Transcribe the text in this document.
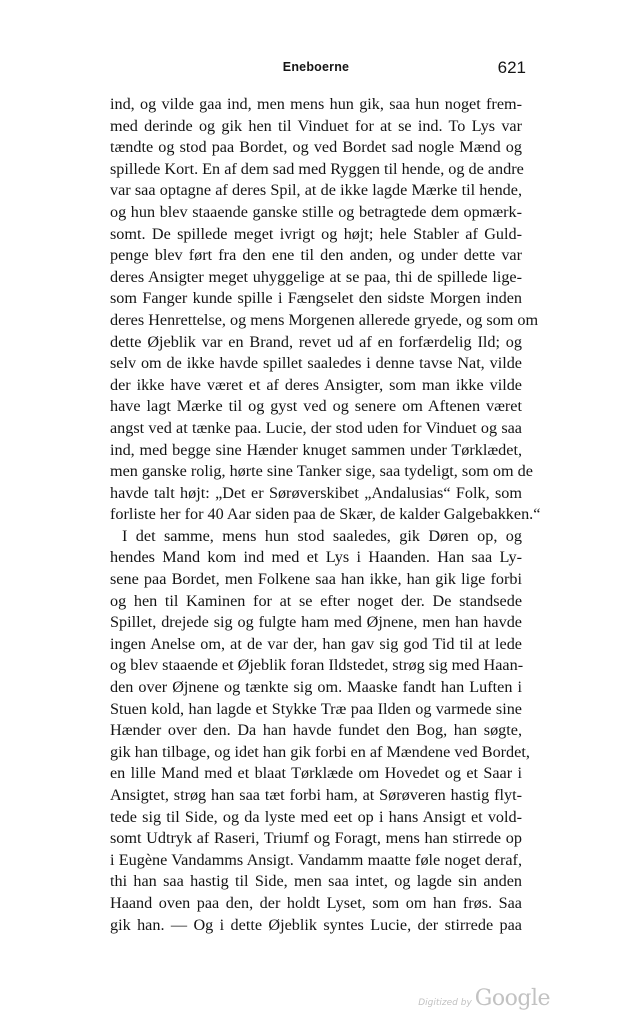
Eneboerne	621
ind, og vilde gaa ind, men mens hun gik, saa hun noget frem-
med derinde og gik hen til Vinduet for at se ind. To Lys var
tændte og stod paa Bordet, og ved Bordet sad nogle Mænd og
spillede Kort. En af dem sad med Ryggen til hende, og de andre
var saa optagne af deres Spil, at de ikke lagde Mærke til hende,
og hun blev staaende ganske stille og betragtede dem opmærk-
somt. De spillede meget ivrigt og højt; hele Stabler af Guld-
penge blev ført fra den ene til den anden, og under dette var
deres Ansigter meget uhyggelige at se paa, thi de spillede lige-
som Fanger kunde spille i Fængselet den sidste Morgen inden
deres Henrettelse, og mens Morgenen allerede gryede, og som om
dette Øjeblik var en Brand, revet ud af en forfærdelig Ild; og
selv om de ikke havde spillet saaledes i denne tavse Nat, vilde
der ikke have været et af deres Ansigter, som man ikke vilde
have lagt Mærke til og gyst ved og senere om Aftenen været
angst ved at tænke paa. Lucie, der stod uden for Vinduet og saa
ind, med begge sine Hænder knuget sammen under Tørklædet,
men ganske rolig, hørte sine Tanker sige, saa tydeligt, som om de
havde talt højt: „Det er Sørøverskibet „Andalusias“ Folk, som
forliste her for 40 Aar siden paa de Skær, de kalder Galgebakken.“
I det samme, mens hun stod saaledes, gik Døren op, og
hendes Mand kom ind med et Lys i Haanden. Han saa Ly-
sene paa Bordet, men Folkene saa han ikke, han gik lige forbi
og hen til Kaminen for at se efter noget der. De standsede
Spillet, drejede sig og fulgte ham med Øjnene, men han havde
ingen Anelse om, at de var der, han gav sig god Tid til at lede
og blev staaende et Øjeblik foran Ildstedet, strøg sig med Haan-
den over Øjnene og tænkte sig om. Maaske fandt han Luften i
Stuen kold, han lagde et Stykke Træ paa Ilden og varmede sine
Hænder over den. Da han havde fundet den Bog, han søgte,
gik han tilbage, og idet han gik forbi en af Mændene ved Bordet,
en lille Mand med et blaat Tørklæde om Hovedet og et Saar i
Ansigtet, strøg han saa tæt forbi ham, at Sørøveren hastig flyt-
tede sig til Side, og da lyste med eet op i hans Ansigt et vold-
somt Udtryk af Raseri, Triumf og Foragt, mens han stirrede op
i Eugène Vandamms Ansigt. Vandamm maatte føle noget deraf,
thi han saa hastig til Side, men saa intet, og lagde sin anden
Haand oven paa den, der holdt Lyset, som om han frøs. Saa
gik han. — Og i dette Øjeblik syntes Lucie, der stirrede paa
Digitized by Google
